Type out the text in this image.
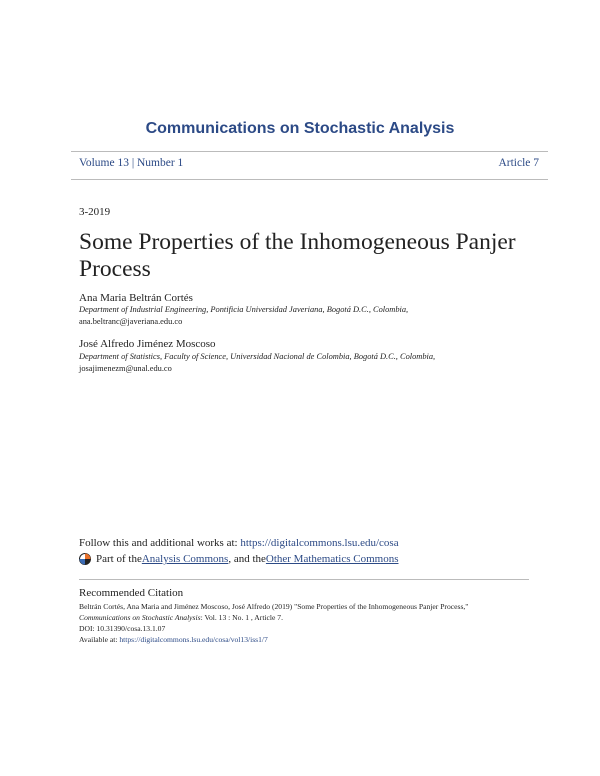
Communications on Stochastic Analysis
Volume 13 | Number 1	Article 7
3-2019
Some Properties of the Inhomogeneous Panjer Process
Ana Maria Beltrán Cortés
Department of Industrial Engineering, Pontificia Universidad Javeriana, Bogotá D.C., Colombia,
ana.beltranc@javeriana.edu.co
José Alfredo Jiménez Moscoso
Department of Statistics, Faculty of Science, Universidad Nacional de Colombia, Bogotá D.C., Colombia,
josajimenezm@unal.edu.co
Follow this and additional works at: https://digitalcommons.lsu.edu/cosa
Part of the Analysis Commons , and the Other Mathematics Commons
Recommended Citation
Beltrán Cortés, Ana Maria and Jiménez Moscoso, José Alfredo (2019) "Some Properties of the Inhomogeneous Panjer Process,"
Communications on Stochastic Analysis: Vol. 13 : No. 1 , Article 7.
DOI: 10.31390/cosa.13.1.07
Available at: https://digitalcommons.lsu.edu/cosa/vol13/iss1/7
